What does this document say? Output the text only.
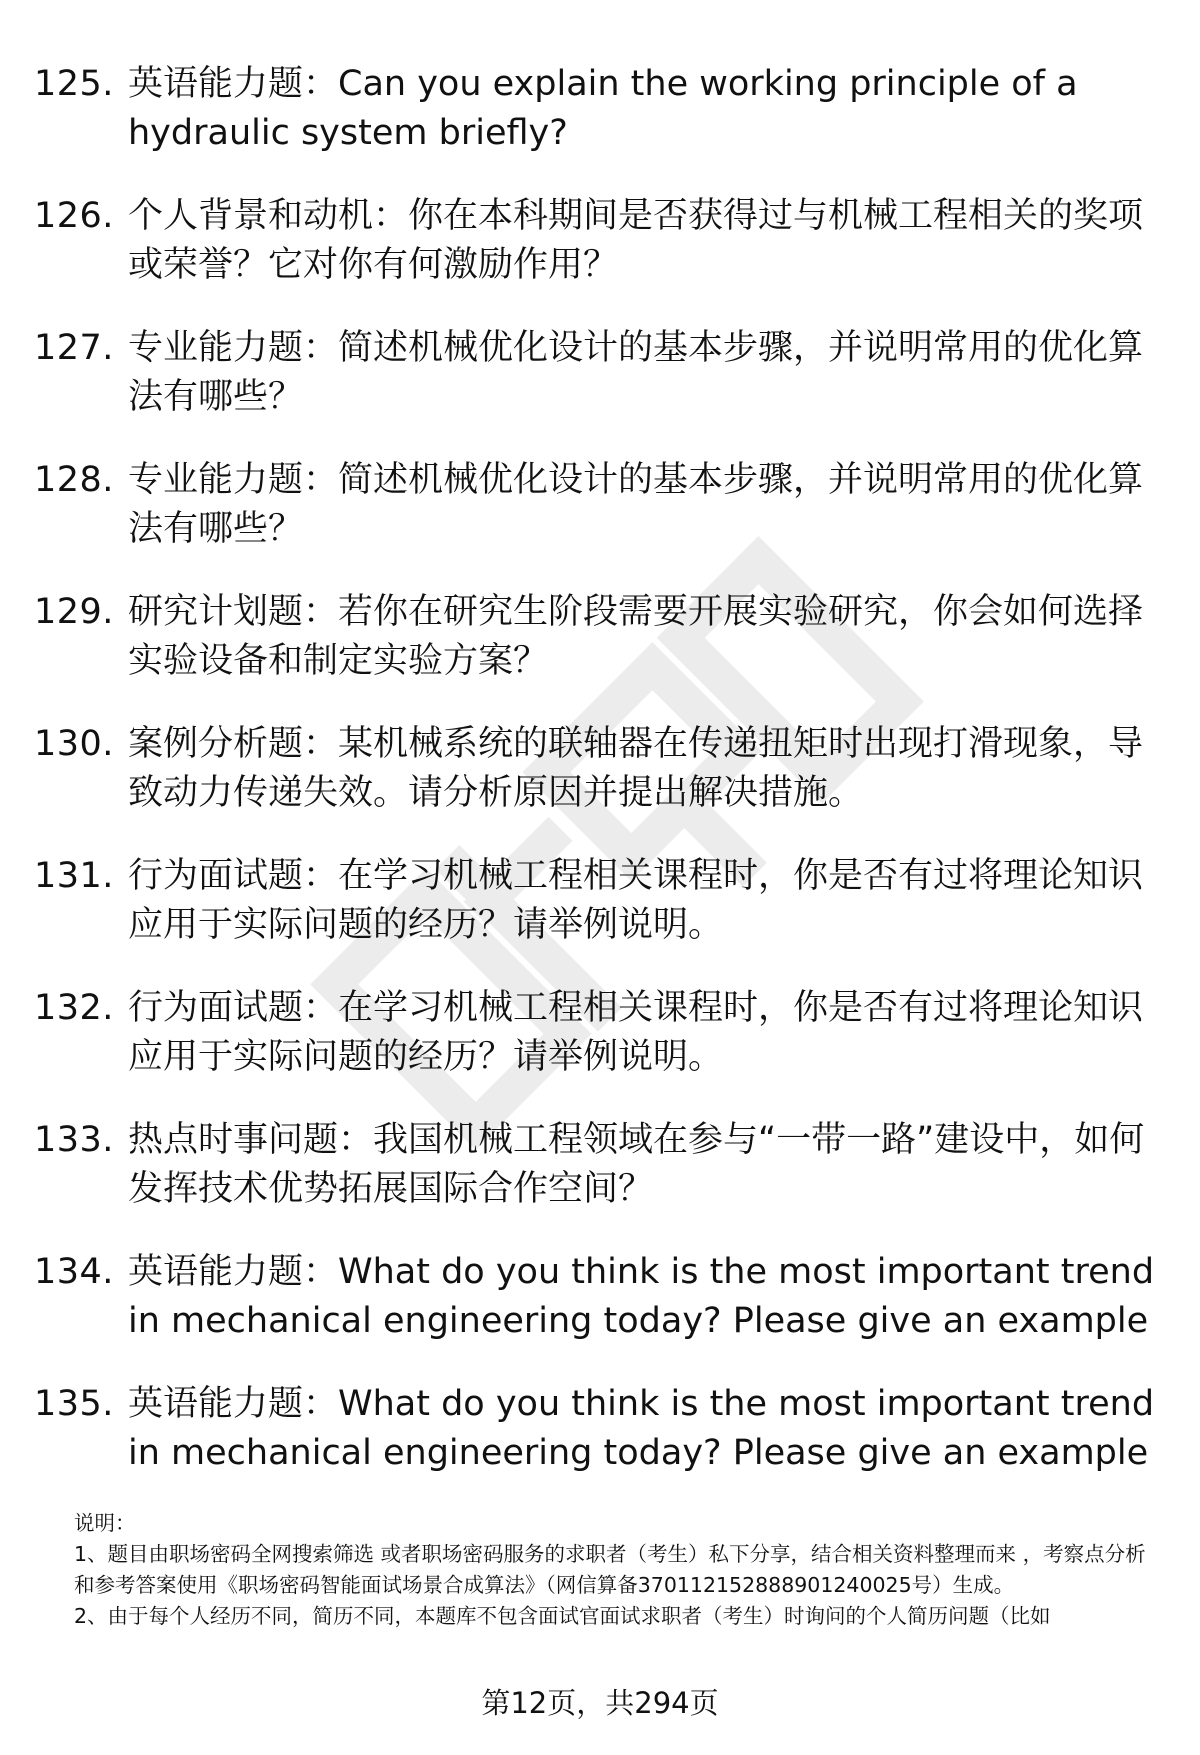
125. 英语能力题：Can you explain the working principle of a hydraulic system briefly?
126. 个人背景和动机：你在本科期间是否获得过与机械工程相关的奖项或荣誉？它对你有何激励作用？
127. 专业能力题：简述机械优化设计的基本步骤，并说明常用的优化算法有哪些？
128. 专业能力题：简述机械优化设计的基本步骤，并说明常用的优化算法有哪些？
129. 研究计划题：若你在研究生阶段需要开展实验研究，你会如何选择实验设备和制定实验方案？
130. 案例分析题：某机械系统的联轴器在传递扭矩时出现打滑现象，导致动力传递失效。请分析原因并提出解决措施。
131. 行为面试题：在学习机械工程相关课程时，你是否有过将理论知识应用于实际问题的经历？请举例说明。
132. 行为面试题：在学习机械工程相关课程时，你是否有过将理论知识应用于实际问题的经历？请举例说明。
133. 热点时事问题：我国机械工程领域在参与“一带一路”建设中，如何发挥技术优势拓展国际合作空间？
134. 英语能力题：What do you think is the most important trend in mechanical engineering today? Please give an example
135. 英语能力题：What do you think is the most important trend in mechanical engineering today? Please give an example

说明：

1、题目由职场密码全网搜索筛选 或者职场密码服务的求职者（考生）私下分享，结合相关资料整理而来 ，考察点分析和参考答案使用《职场密码智能面试场景合成算法》（网信算备370112152888901240025号）生成。

2、由于每个人经历不同，简历不同，本题库不包含面试官面试求职者（考生）时询问的个人简历问题（比如

第12页，共294页
